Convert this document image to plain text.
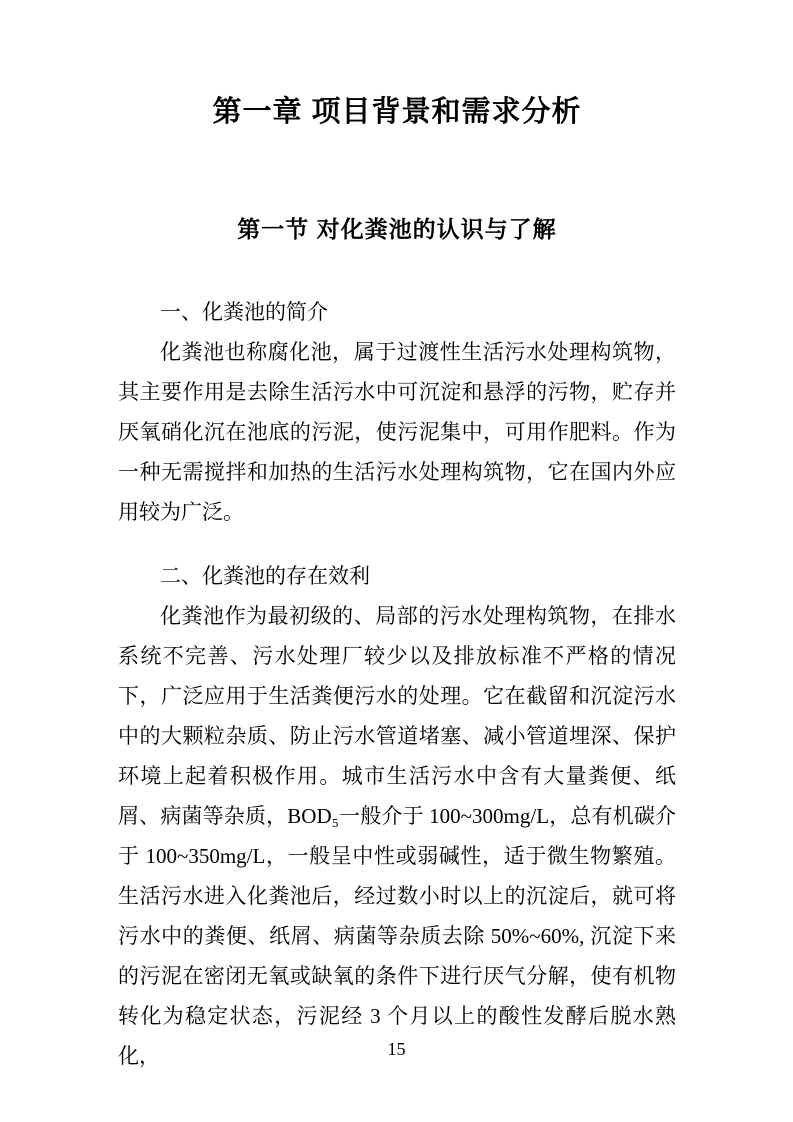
第一章 项目背景和需求分析
第一节 对化粪池的认识与了解

一、化粪池的简介

化粪池也称腐化池，属于过渡性生活污水处理构筑物，其主要作用是去除生活污水中可沉淀和悬浮的污物，贮存并厌氧硝化沉在池底的污泥，使污泥集中，可用作肥料。作为一种无需搅拌和加热的生活污水处理构筑物，它在国内外应用较为广泛。

二、化粪池的存在效利

化粪池作为最初级的、局部的污水处理构筑物，在排水系统不完善、污水处理厂较少以及排放标准不严格的情况下，广泛应用于生活粪便污水的处理。它在截留和沉淀污水中的大颗粒杂质、防止污水管道堵塞、减小管道埋深、保护环境上起着积极作用。城市生活污水中含有大量粪便、纸屑、病菌等杂质，BOD₅一般介于 100~300mg/L，总有机碳介于 100~350mg/L，一般呈中性或弱碱性，适于微生物繁殖。生活污水进入化粪池后，经过数小时以上的沉淀后，就可将污水中的粪便、纸屑、病菌等杂质去除 50%~60%, 沉淀下来的污泥在密闭无氧或缺氧的条件下进行厌气分解，使有机物转化为稳定状态，污泥经 3 个月以上的酸性发酵后脱水熟化，	15
